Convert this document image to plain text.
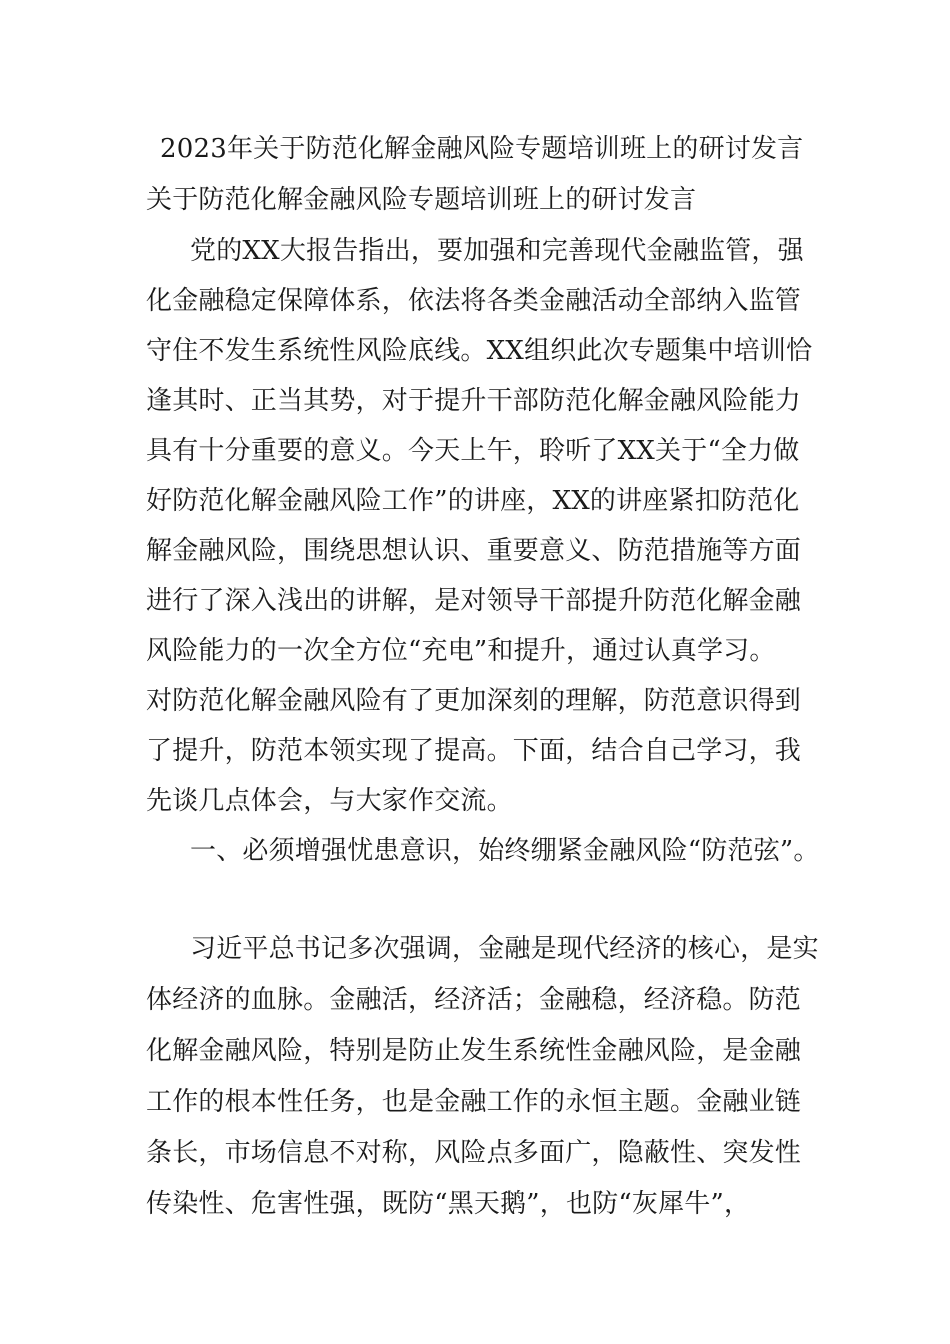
2023年关于防范化解金融风险专题培训班上的研讨发言
关于防范化解金融风险专题培训班上的研讨发言
党的XX大报告指出，要加强和完善现代金融监管，强
化金融稳定保障体系，依法将各类金融活动全部纳入监管
守住不发生系统性风险底线。XX组织此次专题集中培训恰
逢其时、正当其势，对于提升干部防范化解金融风险能力
具有十分重要的意义。今天上午，聆听了XX关于“全力做
好防范化解金融风险工作”的讲座，XX的讲座紧扣防范化
解金融风险，围绕思想认识、重要意义、防范措施等方面
进行了深入浅出的讲解，是对领导干部提升防范化解金融
风险能力的一次全方位“充电”和提升，通过认真学习。
对防范化解金融风险有了更加深刻的理解，防范意识得到
了提升，防范本领实现了提高。下面，结合自己学习，我
先谈几点体会，与大家作交流。
一、必须增强忧患意识，始终绷紧金融风险“防范弦”。
习近平总书记多次强调，金融是现代经济的核心，是实
体经济的血脉。金融活，经济活；金融稳，经济稳。防范
化解金融风险，特别是防止发生系统性金融风险，是金融
工作的根本性任务，也是金融工作的永恒主题。金融业链
条长，市场信息不对称，风险点多面广，隐蔽性、突发性
传染性、危害性强，既防“黑天鹅”，也防“灰犀牛”，
